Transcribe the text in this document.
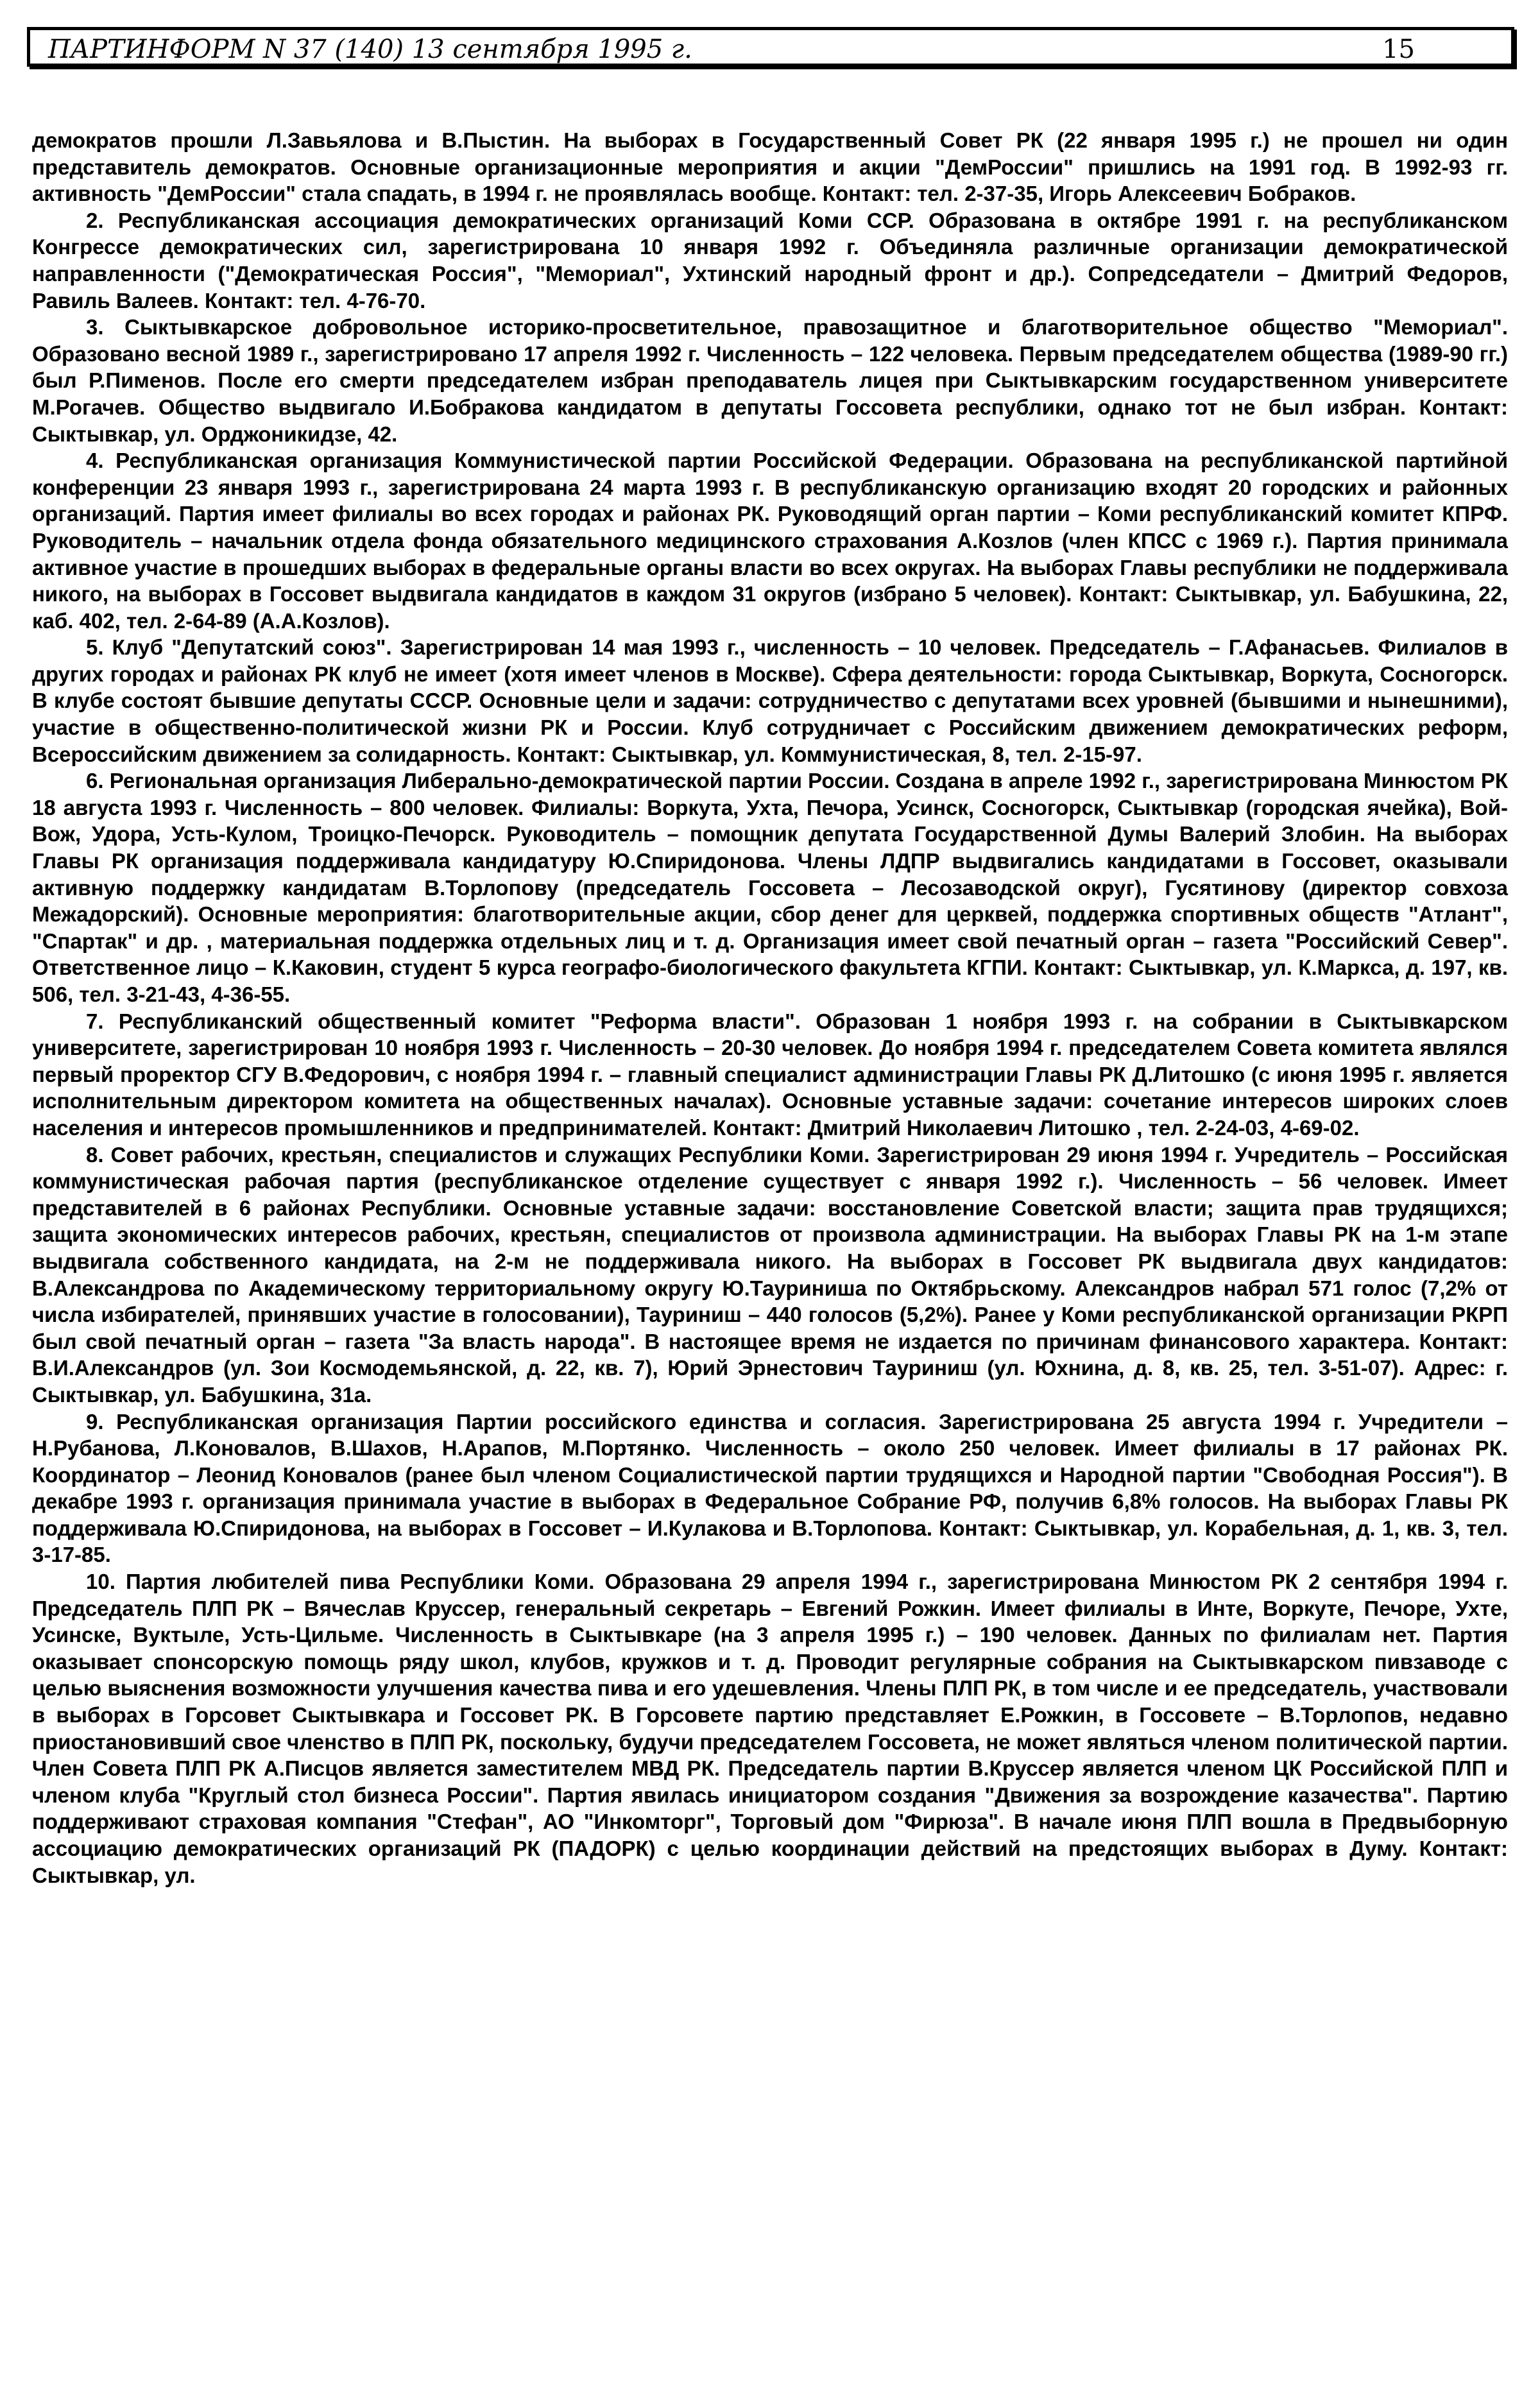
ПАРТИНФОРМ N 37 (140) 13 сентября 1995 г.	15

демократов прошли Л.Завьялова и В.Пыстин. На выборах в Государственный Совет РК (22 января 1995 г.) не прошел ни один представитель демократов. Основные организационные мероприятия и акции "ДемРоссии" пришлись на 1991 год. В 1992-93 гг. активность "ДемРоссии" стала спадать, в 1994 г. не проявлялась вообще. Контакт: тел. 2-37-35, Игорь Алексеевич Бобраков.

2. Республиканская ассоциация демократических организаций Коми ССР. Образована в октябре 1991 г. на республиканском Конгрессе демократических сил, зарегистрирована 10 января 1992 г. Объединяла различные организации демократической направленности ("Демократическая Россия", "Мемориал", Ухтинский народный фронт и др.). Сопредседатели – Дмитрий Федоров, Равиль Валеев. Контакт: тел. 4-76-70.

3. Сыктывкарское добровольное историко-просветительное, правозащитное и благотворительное общество "Мемориал". Образовано весной 1989 г., зарегистрировано 17 апреля 1992 г. Численность – 122 человека. Первым председателем общества (1989-90 гг.) был Р.Пименов. После его смерти председателем избран преподаватель лицея при Сыктывкарским государственном университете М.Рогачев. Общество выдвигало И.Бобракова кандидатом в депутаты Госсовета республики, однако тот не был избран. Контакт: Сыктывкар, ул. Орджоникидзе, 42.

4. Республиканская организация Коммунистической партии Российской Федерации. Образована на республиканской партийной конференции 23 января 1993 г., зарегистрирована 24 марта 1993 г. В республиканскую организацию входят 20 городских и районных организаций. Партия имеет филиалы во всех городах и районах РК. Руководящий орган партии – Коми республиканский комитет КПРФ. Руководитель – начальник отдела фонда обязательного медицинского страхования А.Козлов (член КПСС с 1969 г.). Партия принимала активное участие в прошедших выборах в федеральные органы власти во всех округах. На выборах Главы республики не поддерживала никого, на выборах в Госсовет выдвигала кандидатов в каждом 31 округов (избрано 5 человек). Контакт: Сыктывкар, ул. Бабушкина, 22, каб. 402, тел. 2-64-89 (А.А.Козлов).

5. Клуб "Депутатский союз". Зарегистрирован 14 мая 1993 г., численность – 10 человек. Председатель – Г.Афанасьев. Филиалов в других городах и районах РК клуб не имеет (хотя имеет членов в Москве). Сфера деятельности: города Сыктывкар, Воркута, Сосногорск. В клубе состоят бывшие депутаты СССР. Основные цели и задачи: сотрудничество с депутатами всех уровней (бывшими и нынешними), участие в общественно-политической жизни РК и России. Клуб сотрудничает с Российским движением демократических реформ, Всероссийским движением за солидарность. Контакт: Сыктывкар, ул. Коммунистическая, 8, тел. 2-15-97.

6. Региональная организация Либерально-демократической партии России. Создана в апреле 1992 г., зарегистрирована Минюстом РК 18 августа 1993 г. Численность – 800 человек. Филиалы: Воркута, Ухта, Печора, Усинск, Сосногорск, Сыктывкар (городская ячейка), Вой-Вож, Удора, Усть-Кулом, Троицко-Печорск. Руководитель – помощник депутата Государственной Думы Валерий Злобин. На выборах Главы РК организация поддерживала кандидатуру Ю.Спиридонова. Члены ЛДПР выдвигались кандидатами в Госсовет, оказывали активную поддержку кандидатам В.Торлопову (председатель Госсовета – Лесозаводской округ), Гусятинову (директор совхоза Межадорский). Основные мероприятия: благотворительные акции, сбор денег для церквей, поддержка спортивных обществ "Атлант", "Спартак" и др. , материальная поддержка отдельных лиц и т. д. Организация имеет свой печатный орган – газета "Российский Север". Ответственное лицо – К.Каковин, студент 5 курса географо-биологического факультета КГПИ. Контакт: Сыктывкар, ул. К.Маркса, д. 197, кв. 506, тел. 3-21-43, 4-36-55.

7. Республиканский общественный комитет "Реформа власти". Образован 1 ноября 1993 г. на собрании в Сыктывкарском университете, зарегистрирован 10 ноября 1993 г. Численность – 20-30 человек. До ноября 1994 г. председателем Совета комитета являлся первый проректор СГУ В.Федорович, с ноября 1994 г. – главный специалист администрации Главы РК Д.Литошко (с июня 1995 г. является исполнительным директором комитета на общественных началах). Основные уставные задачи: сочетание интересов широких слоев населения и интересов промышленников и предпринимателей. Контакт: Дмитрий Николаевич Литошко , тел. 2-24-03, 4-69-02.

8. Совет рабочих, крестьян, специалистов и служащих Республики Коми. Зарегистрирован 29 июня 1994 г. Учредитель – Российская коммунистическая рабочая партия (республиканское отделение существует с января 1992 г.). Численность – 56 человек. Имеет представителей в 6 районах Республики. Основные уставные задачи: восстановление Советской власти; защита прав трудящихся; защита экономических интересов рабочих, крестьян, специалистов от произвола администрации. На выборах Главы РК на 1-м этапе выдвигала собственного кандидата, на 2-м не поддерживала никого. На выборах в Госсовет РК выдвигала двух кандидатов: В.Александрова по Академическому территориальному округу Ю.Тауриниша по Октябрьскому. Александров набрал 571 голос (7,2% от числа избирателей, принявших участие в голосовании), Тауриниш – 440 голосов (5,2%). Ранее у Коми республиканской организации РКРП был свой печатный орган – газета "За власть народа". В настоящее время не издается по причинам финансового характера. Контакт: В.И.Александров (ул. Зои Космодемьянской, д. 22, кв. 7), Юрий Эрнестович Тауриниш (ул. Юхнина, д. 8, кв. 25, тел. 3-51-07). Адрес: г. Сыктывкар, ул. Бабушкина, 31а.

9. Республиканская организация Партии российского единства и согласия. Зарегистрирована 25 августа 1994 г. Учредители – Н.Рубанова, Л.Коновалов, В.Шахов, Н.Арапов, М.Портянко. Численность – около 250 человек. Имеет филиалы в 17 районах РК. Координатор – Леонид Коновалов (ранее был членом Социалистической партии трудящихся и Народной партии "Свободная Россия"). В декабре 1993 г. организация принимала участие в выборах в Федеральное Собрание РФ, получив 6,8% голосов. На выборах Главы РК поддерживала Ю.Спиридонова, на выборах в Госсовет – И.Кулакова и В.Торлопова. Контакт: Сыктывкар, ул. Корабельная, д. 1, кв. 3, тел. 3-17-85.

10. Партия любителей пива Республики Коми. Образована 29 апреля 1994 г., зарегистрирована Минюстом РК 2 сентября 1994 г. Председатель ПЛП РК – Вячеслав Круссер, генеральный секретарь – Евгений Рожкин. Имеет филиалы в Инте, Воркуте, Печоре, Ухте, Усинске, Вуктыле, Усть-Цильме. Численность в Сыктывкаре (на 3 апреля 1995 г.) – 190 человек. Данных по филиалам нет. Партия оказывает спонсорскую помощь ряду школ, клубов, кружков и т. д. Проводит регулярные собрания на Сыктывкарском пивзаводе с целью выяснения возможности улучшения качества пива и его удешевления. Члены ПЛП РК, в том числе и ее председатель, участвовали в выборах в Горсовет Сыктывкара и Госсовет РК. В Горсовете партию представляет Е.Рожкин, в Госсовете – В.Торлопов, недавно приостановивший свое членство в ПЛП РК, поскольку, будучи председателем Госсовета, не может являться членом политической партии. Член Совета ПЛП РК А.Писцов является заместителем МВД РК. Председатель партии В.Круссер является членом ЦК Российской ПЛП и членом клуба "Круглый стол бизнеса России". Партия явилась инициатором создания "Движения за возрождение казачества". Партию поддерживают страховая компания "Стефан", АО "Инкомторг", Торговый дом "Фирюза". В начале июня ПЛП вошла в Предвыборную ассоциацию демократических организаций РК (ПАДОРК) с целью координации действий на предстоящих выборах в Думу. Контакт: Сыктывкар, ул.
